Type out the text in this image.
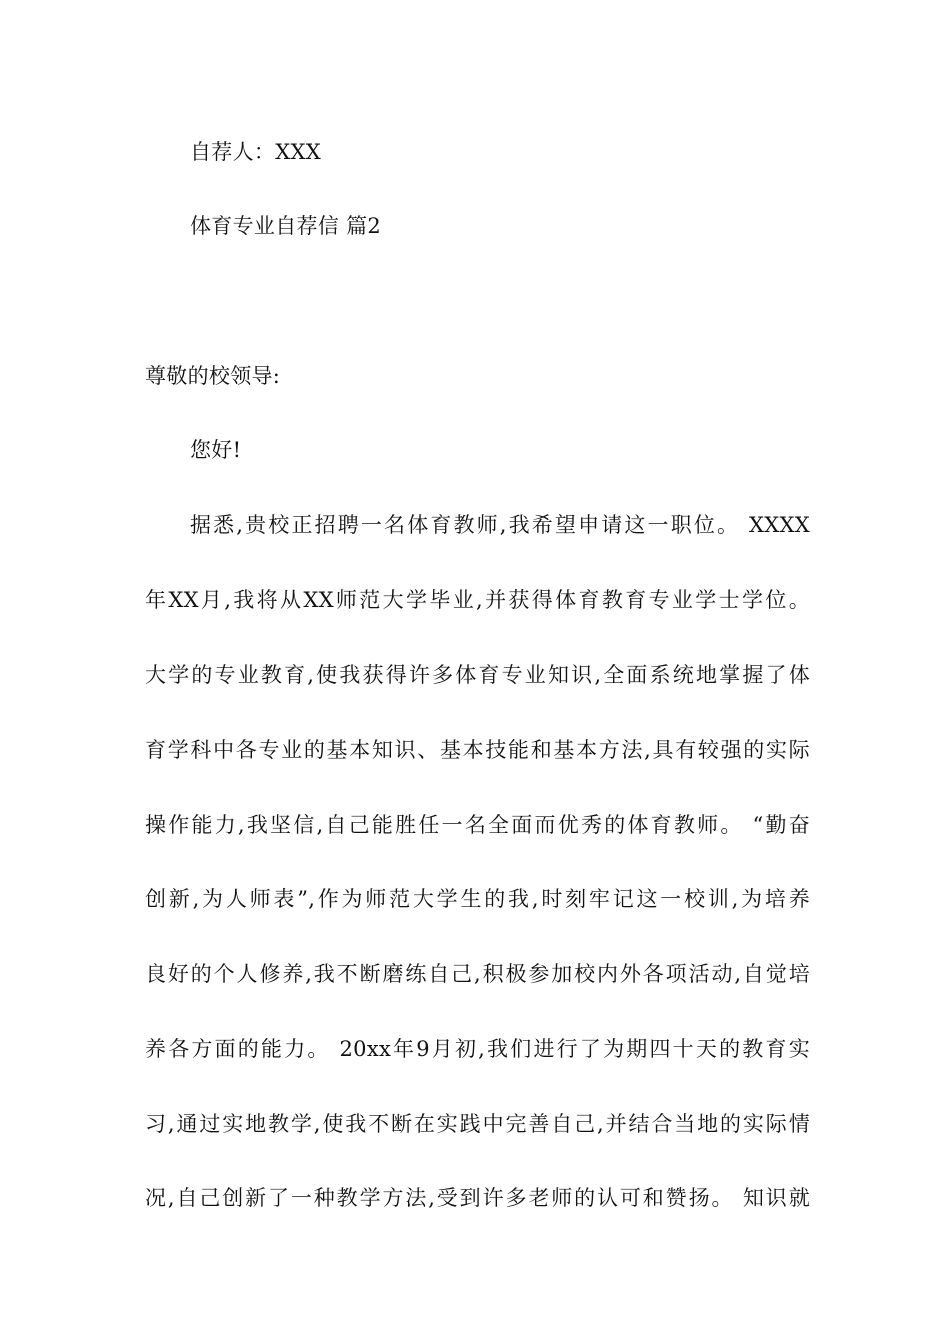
自荐人：XXX
体育专业自荐信 篇2
尊敬的校领导:
您好!
据悉,贵校正招聘一名体育教师,我希望申请这一职位。 XXXX
年XX月,我将从XX师范大学毕业,并获得体育教育专业学士学位。
大学的专业教育,使我获得许多体育专业知识,全面系统地掌握了体
育学科中各专业的基本知识、基本技能和基本方法,具有较强的实际
操作能力,我坚信,自己能胜任一名全面而优秀的体育教师。 “勤奋
创新,为人师表”,作为师范大学生的我,时刻牢记这一校训,为培养
良好的个人修养,我不断磨练自己,积极参加校内外各项活动,自觉培
养各方面的能力。 20xx年9月初,我们进行了为期四十天的教育实
习,通过实地教学,使我不断在实践中完善自己,并结合当地的实际情
况,自己创新了一种教学方法,受到许多老师的认可和赞扬。 知识就
